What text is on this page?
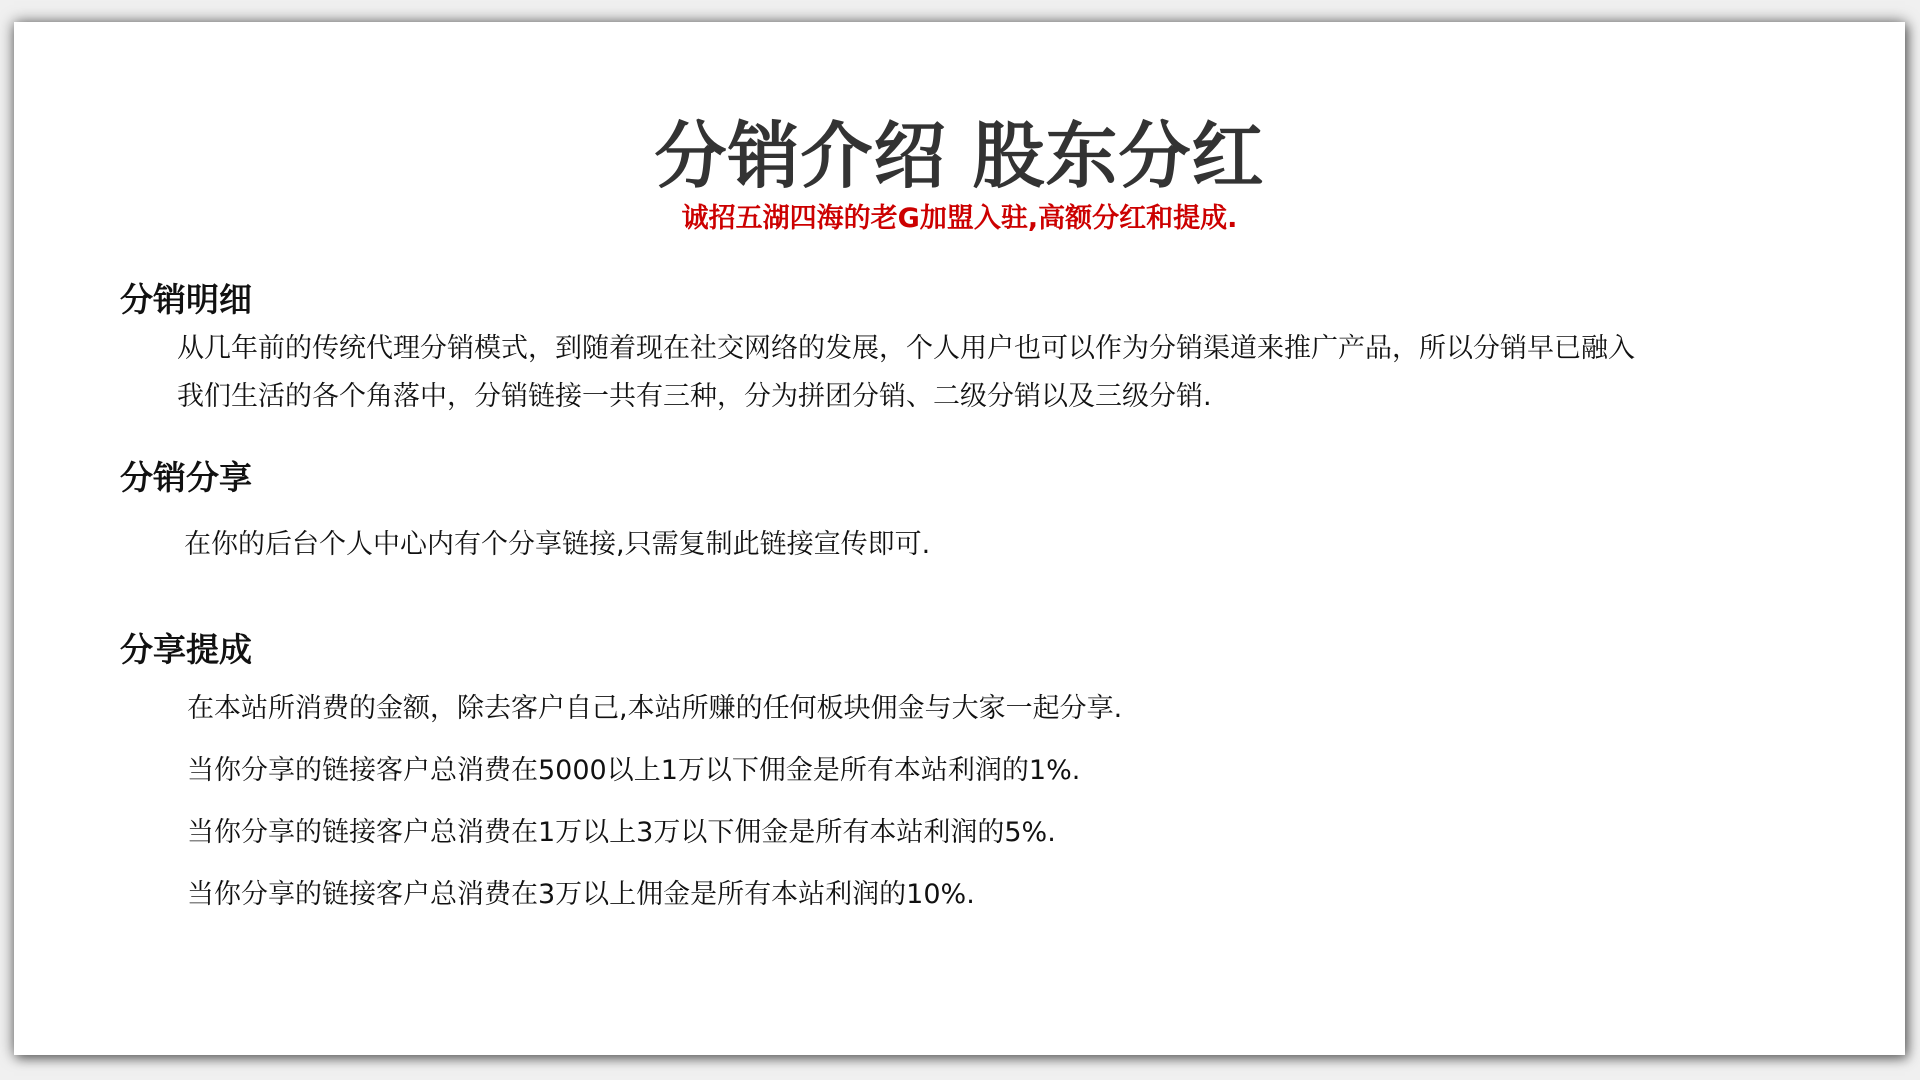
分销介绍 股东分红
诚招五湖四海的老G加盟入驻,高额分红和提成.
分销明细
从几年前的传统代理分销模式，到随着现在社交网络的发展，个人用户也可以作为分销渠道来推广产品，所以分销早已融入
我们生活的各个角落中，分销链接一共有三种，分为拼团分销、二级分销以及三级分销.
分销分享
在你的后台个人中心内有个分享链接,只需复制此链接宣传即可.
分享提成
在本站所消费的金额，除去客户自己,本站所赚的任何板块佣金与大家一起分享.
当你分享的链接客户总消费在5000以上1万以下佣金是所有本站利润的1%.
当你分享的链接客户总消费在1万以上3万以下佣金是所有本站利润的5%.
当你分享的链接客户总消费在3万以上佣金是所有本站利润的10%.
